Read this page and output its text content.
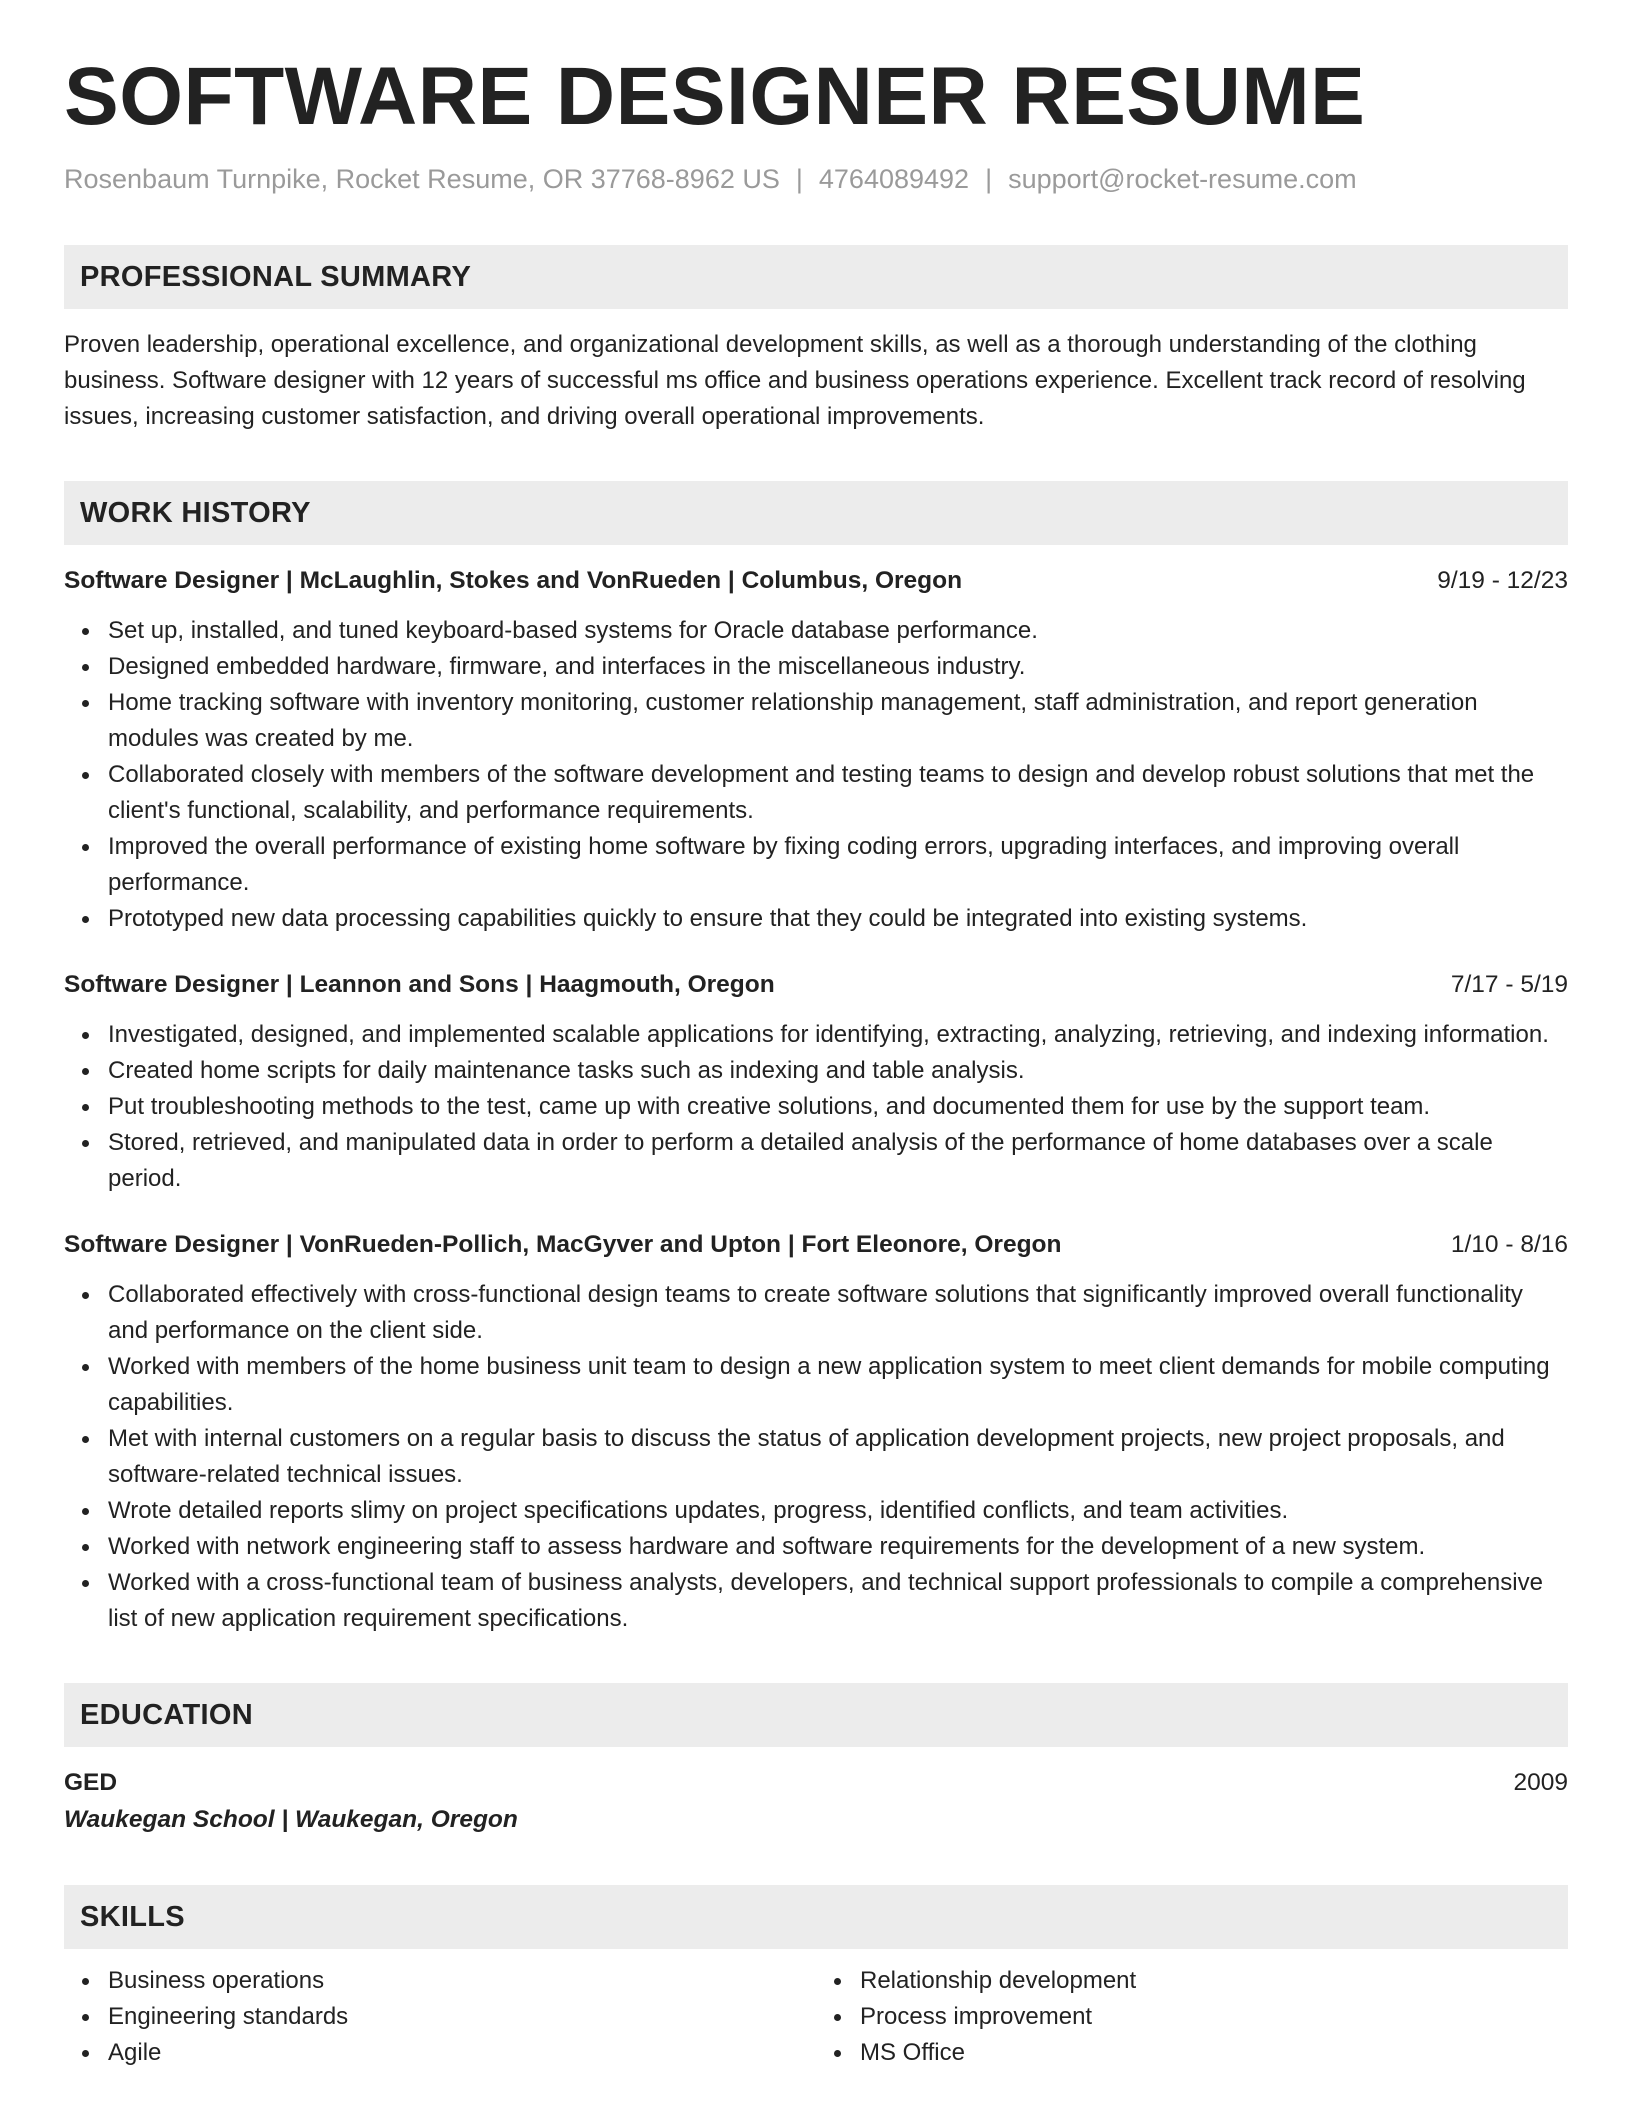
SOFTWARE DESIGNER RESUME
Rosenbaum Turnpike, Rocket Resume, OR 37768-8962 US | 4764089492 | support@rocket-resume.com
PROFESSIONAL SUMMARY
Proven leadership, operational excellence, and organizational development skills, as well as a thorough understanding of the clothing business. Software designer with 12 years of successful ms office and business operations experience. Excellent track record of resolving issues, increasing customer satisfaction, and driving overall operational improvements.
WORK HISTORY
Software Designer | McLaughlin, Stokes and VonRueden | Columbus, Oregon	9/19 - 12/23
Set up, installed, and tuned keyboard-based systems for Oracle database performance.
Designed embedded hardware, firmware, and interfaces in the miscellaneous industry.
Home tracking software with inventory monitoring, customer relationship management, staff administration, and report generation modules was created by me.
Collaborated closely with members of the software development and testing teams to design and develop robust solutions that met the client's functional, scalability, and performance requirements.
Improved the overall performance of existing home software by fixing coding errors, upgrading interfaces, and improving overall performance.
Prototyped new data processing capabilities quickly to ensure that they could be integrated into existing systems.
Software Designer | Leannon and Sons | Haagmouth, Oregon	7/17 - 5/19
Investigated, designed, and implemented scalable applications for identifying, extracting, analyzing, retrieving, and indexing information.
Created home scripts for daily maintenance tasks such as indexing and table analysis.
Put troubleshooting methods to the test, came up with creative solutions, and documented them for use by the support team.
Stored, retrieved, and manipulated data in order to perform a detailed analysis of the performance of home databases over a scale period.
Software Designer | VonRueden-Pollich, MacGyver and Upton | Fort Eleonore, Oregon	1/10 - 8/16
Collaborated effectively with cross-functional design teams to create software solutions that significantly improved overall functionality and performance on the client side.
Worked with members of the home business unit team to design a new application system to meet client demands for mobile computing capabilities.
Met with internal customers on a regular basis to discuss the status of application development projects, new project proposals, and software-related technical issues.
Wrote detailed reports slimy on project specifications updates, progress, identified conflicts, and team activities.
Worked with network engineering staff to assess hardware and software requirements for the development of a new system.
Worked with a cross-functional team of business analysts, developers, and technical support professionals to compile a comprehensive list of new application requirement specifications.
EDUCATION
GED	2009
Waukegan School | Waukegan, Oregon
SKILLS
Business operations
Engineering standards
Agile
Relationship development
Process improvement
MS Office
